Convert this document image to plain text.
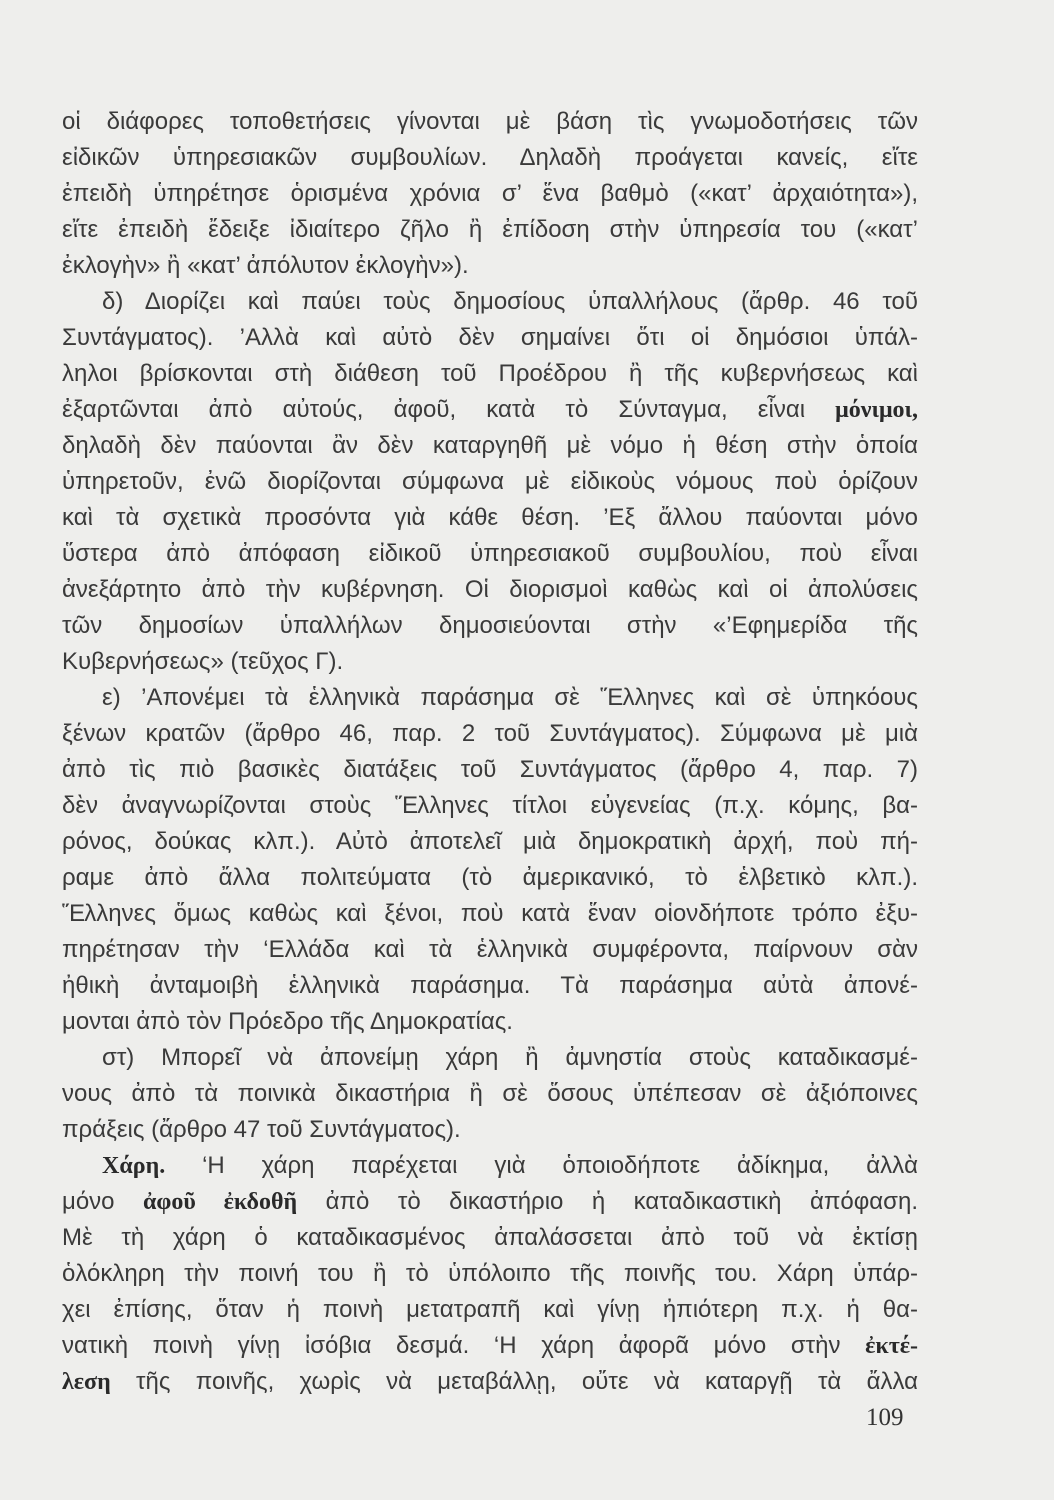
οἱ διάφορες τοποθετήσεις γίνονται μὲ βάση τὶς γνωμοδοτήσεις τῶν
εἰδικῶν ὑπηρεσιακῶν συμβουλίων. Δηλαδὴ προάγεται κανείς, εἴτε
ἐπειδὴ ὑπηρέτησε ὁρισμένα χρόνια σ’ ἕνα βαθμὸ («κατ’ ἀρχαιότητα»),
εἴτε ἐπειδὴ ἔδειξε ἰδιαίτερο ζῆλο ἢ ἐπίδοση στὴν ὑπηρεσία του («κατ’
ἐκλογὴν» ἢ «κατ’ ἀπόλυτον ἐκλογὴν»).
δ) Διορίζει καὶ παύει τοὺς δημοσίους ὑπαλλήλους (ἄρθρ. 46 τοῦ
Συντάγματος). ’Αλλὰ καὶ αὐτὸ δὲν σημαίνει ὅτι οἱ δημόσιοι ὑπάλ-
ληλοι βρίσκονται στὴ διάθεση τοῦ Προέδρου ἢ τῆς κυβερνήσεως καὶ
ἐξαρτῶνται ἀπὸ αὐτούς, ἀφοῦ, κατὰ τὸ Σύνταγμα, εἶναι μόνιμοι,
δηλαδὴ δὲν παύονται ἂν δὲν καταργηθῆ μὲ νόμο ἡ θέση στὴν ὁποία
ὑπηρετοῦν, ἐνῶ διορίζονται σύμφωνα μὲ εἰδικοὺς νόμους ποὺ ὁρίζουν
καὶ τὰ σχετικὰ προσόντα γιὰ κάθε θέση. ’Εξ ἄλλου παύονται μόνο
ὕστερα ἀπὸ ἀπόφαση εἰδικοῦ ὑπηρεσιακοῦ συμβουλίου, ποὺ εἶναι
ἀνεξάρτητο ἀπὸ τὴν κυβέρνηση. Οἱ διορισμοὶ καθὼς καὶ οἱ ἀπολύσεις
τῶν δημοσίων ὑπαλλήλων δημοσιεύονται στὴν «’Εφημερίδα τῆς
Κυβερνήσεως» (τεῦχος Γ).
ε) ’Απονέμει τὰ ἑλληνικὰ παράσημα σὲ Ἕλληνες καὶ σὲ ὑπηκόους
ξένων κρατῶν (ἄρθρο 46, παρ. 2 τοῦ Συντάγματος). Σύμφωνα μὲ μιὰ
ἀπὸ τὶς πιὸ βασικὲς διατάξεις τοῦ Συντάγματος (ἄρθρο 4, παρ. 7)
δὲν ἀναγνωρίζονται στοὺς Ἕλληνες τίτλοι εὐγενείας (π.χ. κόμης, βα-
ρόνος, δούκας κλπ.). Αὐτὸ ἀποτελεῖ μιὰ δημοκρατικὴ ἀρχή, ποὺ πή-
ραμε ἀπὸ ἄλλα πολιτεύματα (τὸ ἀμερικανικό, τὸ ἑλβετικὸ κλπ.).
Ἕλληνες ὅμως καθὼς καὶ ξένοι, ποὺ κατὰ ἕναν οἱονδήποτε τρόπο ἐξυ-
πηρέτησαν τὴν ‘Ελλάδα καὶ τὰ ἑλληνικὰ συμφέροντα, παίρνουν σὰν
ἠθικὴ ἀνταμοιβὴ ἑλληνικὰ παράσημα. Τὰ παράσημα αὐτὰ ἀπονέ-
μονται ἀπὸ τὸν Πρόεδρο τῆς Δημοκρατίας.
στ) Μπορεῖ νὰ ἀπονείμῃ χάρη ἢ ἀμνηστία στοὺς καταδικασμέ-
νους ἀπὸ τὰ ποινικὰ δικαστήρια ἢ σὲ ὅσους ὑπέπεσαν σὲ ἀξιόποινες
πράξεις (ἄρθρο 47 τοῦ Συντάγματος).
Χάρη. ‘Η χάρη παρέχεται γιὰ ὁποιοδήποτε ἀδίκημα, ἀλλὰ
μόνο ἀφοῦ ἐκδοθῆ ἀπὸ τὸ δικαστήριο ἡ καταδικαστικὴ ἀπόφαση.
Μὲ τὴ χάρη ὁ καταδικασμένος ἀπαλάσσεται ἀπὸ τοῦ νὰ ἐκτίσῃ
ὁλόκληρη τὴν ποινή του ἢ τὸ ὑπόλοιπο τῆς ποινῆς του. Χάρη ὑπάρ-
χει ἐπίσης, ὅταν ἡ ποινὴ μετατραπῆ καὶ γίνῃ ἠπιότερη π.χ. ἡ θα-
νατικὴ ποινὴ γίνῃ ἰσόβια δεσμά. ‘Η χάρη ἀφορᾶ μόνο στὴν ἐκτέ-
λεση τῆς ποινῆς, χωρὶς νὰ μεταβάλλῃ, οὔτε νὰ καταργῇ τὰ ἄλλα
109
